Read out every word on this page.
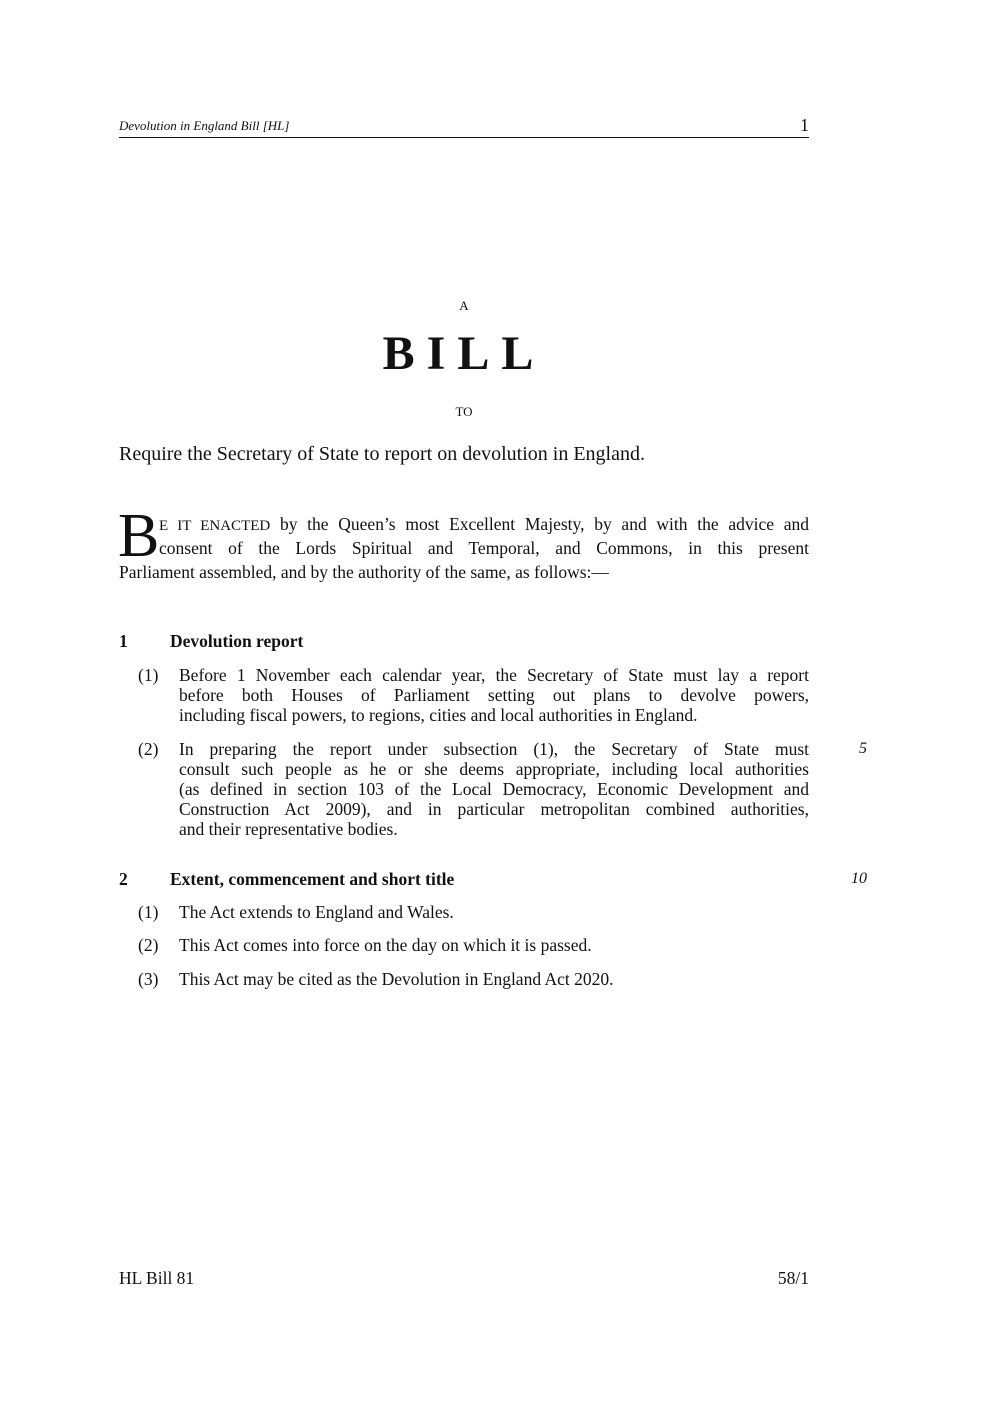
Devolution in England Bill [HL]	1
A
BILL
TO
Require the Secretary of State to report on devolution in England.
B E IT ENACTED by the Queen’s most Excellent Majesty, by and with the advice and
consent of the Lords Spiritual and Temporal, and Commons, in this present
Parliament assembled, and by the authority of the same, as follows:—
1 Devolution report
(1) Before 1 November each calendar year, the Secretary of State must lay a report
before both Houses of Parliament setting out plans to devolve powers,
including fiscal powers, to regions, cities and local authorities in England.
(2) In preparing the report under subsection (1), the Secretary of State must
consult such people as he or she deems appropriate, including local authorities
(as defined in section 103 of the Local Democracy, Economic Development and
Construction Act 2009), and in particular metropolitan combined authorities,
and their representative bodies.
5
2 Extent, commencement and short title	10
(1) The Act extends to England and Wales.
(2) This Act comes into force on the day on which it is passed.
(3) This Act may be cited as the Devolution in England Act 2020.
HL Bill 81	58/1
